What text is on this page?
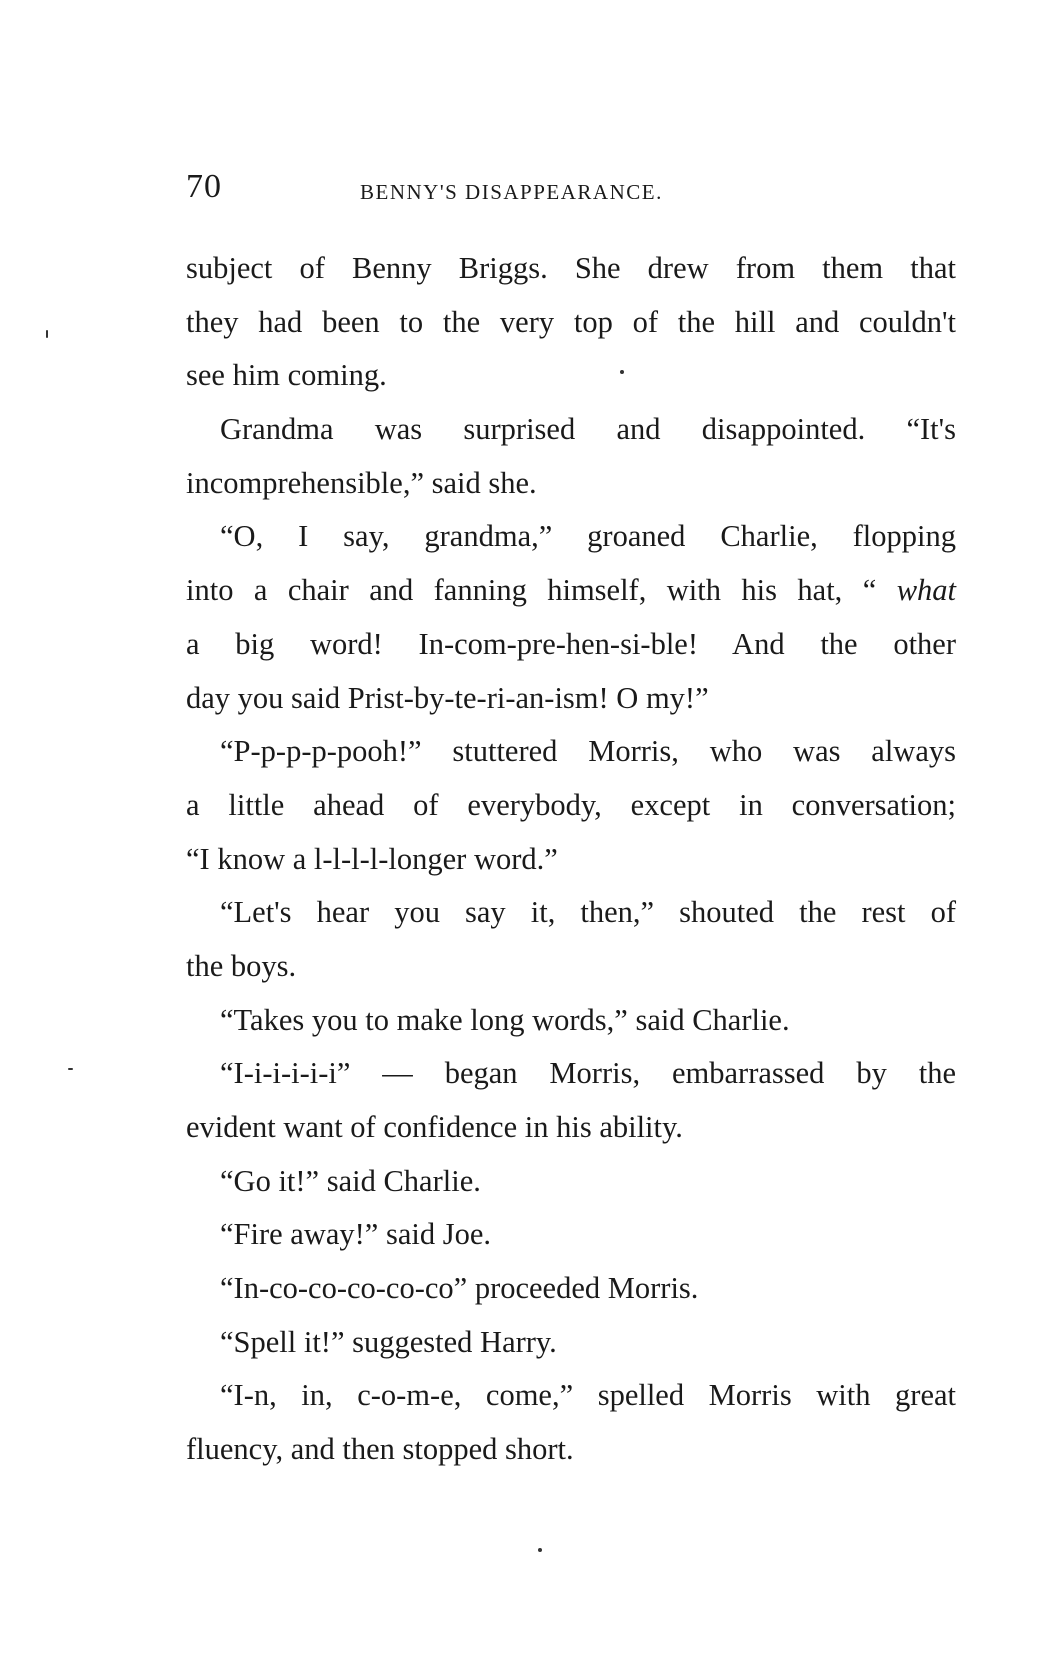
70	BENNY'S DISAPPEARANCE.
subject of Benny Briggs. She drew from them that
they had been to the very top of the hill and couldn't
see him coming.
Grandma was surprised and disappointed. “It's
incomprehensible,” said she.
“O, I say, grandma,” groaned Charlie, flopping
into a chair and fanning himself, with his hat, “ what
a big word! In-com-pre-hen-si-ble! And the other
day you said Prist-by-te-ri-an-ism! O my!”
“P-p-p-p-pooh!” stuttered Morris, who was always
a little ahead of everybody, except in conversation;
“I know a l-l-l-l-longer word.”
“Let's hear you say it, then,” shouted the rest of
the boys.
“Takes you to make long words,” said Charlie.
“I-i-i-i-i-i” — began Morris, embarrassed by the
evident want of confidence in his ability.
“Go it!” said Charlie.
“Fire away!” said Joe.
“In-co-co-co-co-co” proceeded Morris.
“Spell it!” suggested Harry.
“I-n, in, c-o-m-e, come,” spelled Morris with great
fluency, and then stopped short.
